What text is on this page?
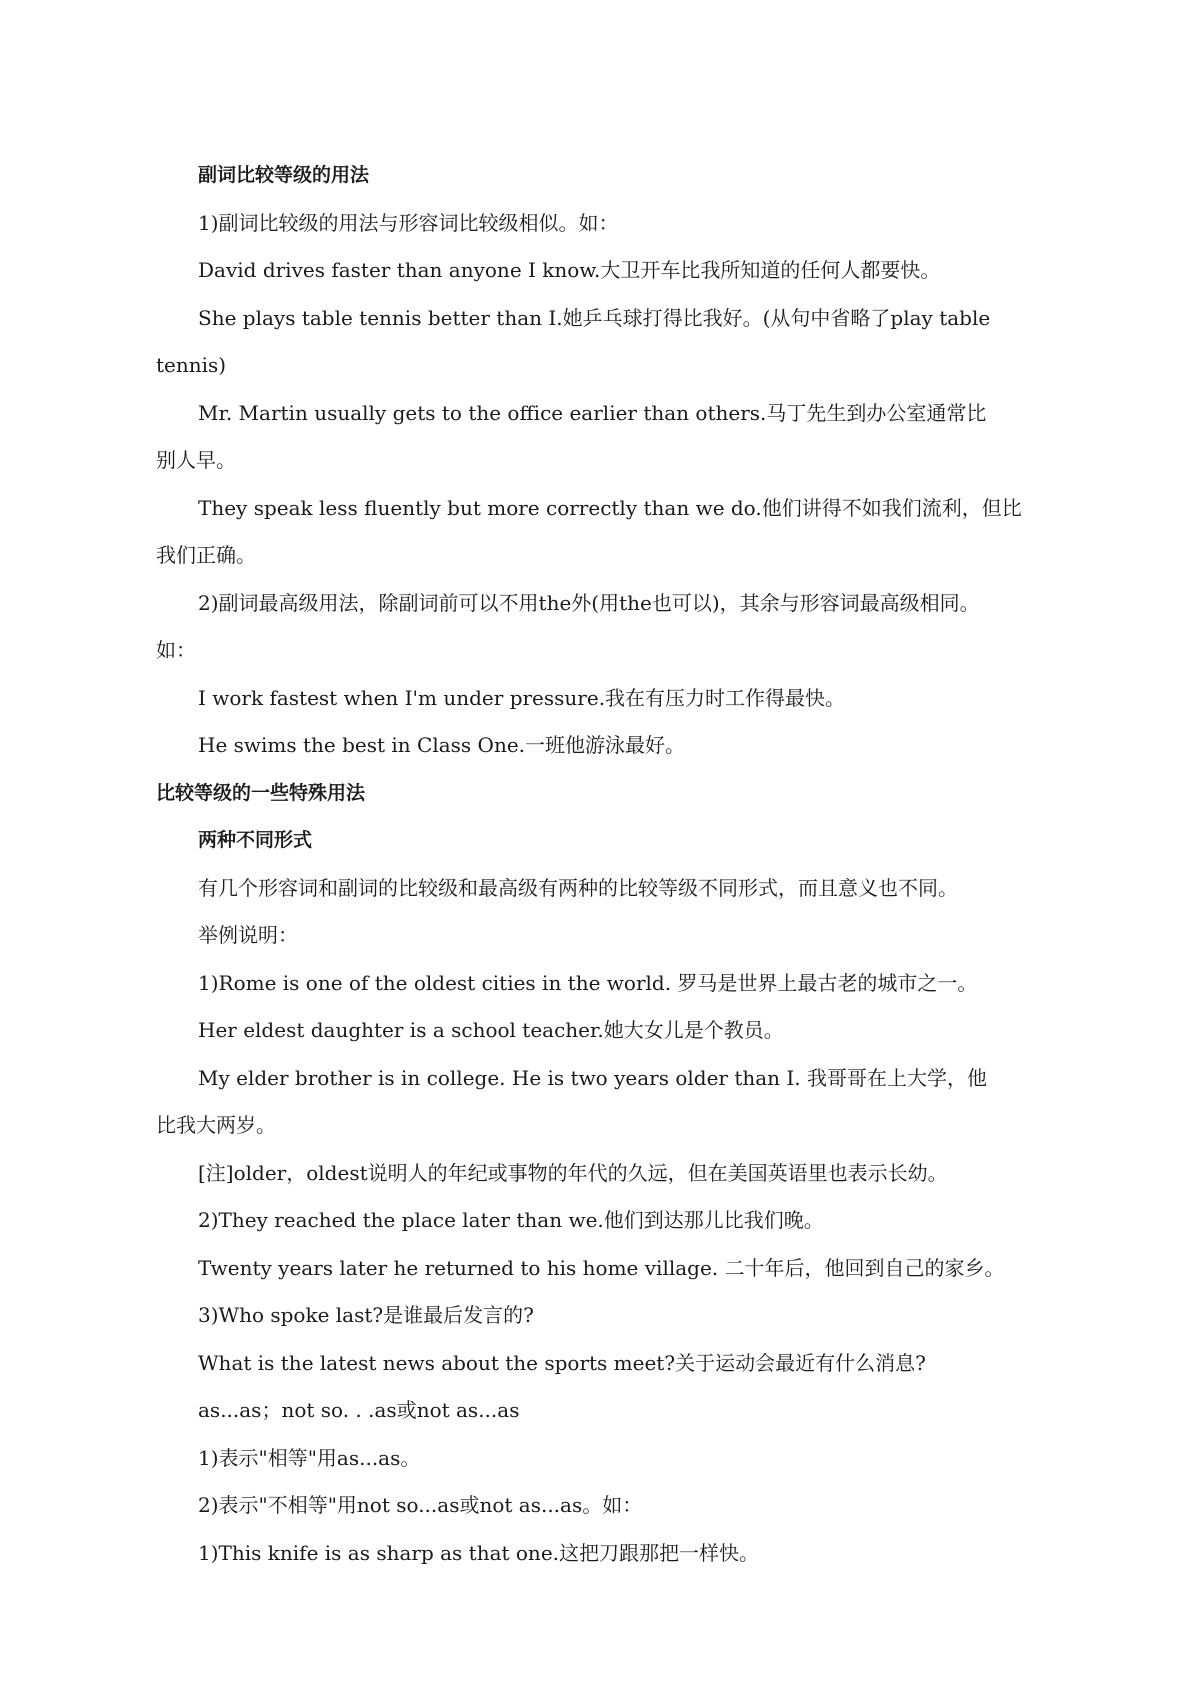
副词比较等级的用法
1)副词比较级的用法与形容词比较级相似。如：
David drives faster than anyone I know.大卫开车比我所知道的任何人都要快。
She plays table tennis better than I.她乒乓球打得比我好。(从句中省略了play table
tennis)
Mr. Martin usually gets to the office earlier than others.马丁先生到办公室通常比
别人早。
They speak less fluently but more correctly than we do.他们讲得不如我们流利，但比
我们正确。
2)副词最高级用法，除副词前可以不用the外(用the也可以)，其余与形容词最高级相同。
如：
I work fastest when I'm under pressure.我在有压力时工作得最快。
He swims the best in Class One.一班他游泳最好。
比较等级的一些特殊用法
两种不同形式
有几个形容词和副词的比较级和最高级有两种的比较等级不同形式，而且意义也不同。
举例说明：
1)Rome is one of the oldest cities in the world. 罗马是世界上最古老的城市之一。
Her eldest daughter is a school teacher.她大女儿是个教员。
My elder brother is in college. He is two years older than I. 我哥哥在上大学，他
比我大两岁。
[注]older，oldest说明人的年纪或事物的年代的久远，但在美国英语里也表示长幼。
2)They reached the place later than we.他们到达那儿比我们晚。
Twenty years later he returned to his home village. 二十年后，他回到自己的家乡。
3)Who spoke last?是谁最后发言的?
What is the latest news about the sports meet?关于运动会最近有什么消息?
as...as；not so. . .as或not as...as
1)表示"相等"用as...as。
2)表示"不相等"用not so...as或not as...as。如：
1)This knife is as sharp as that one.这把刀跟那把一样快。
